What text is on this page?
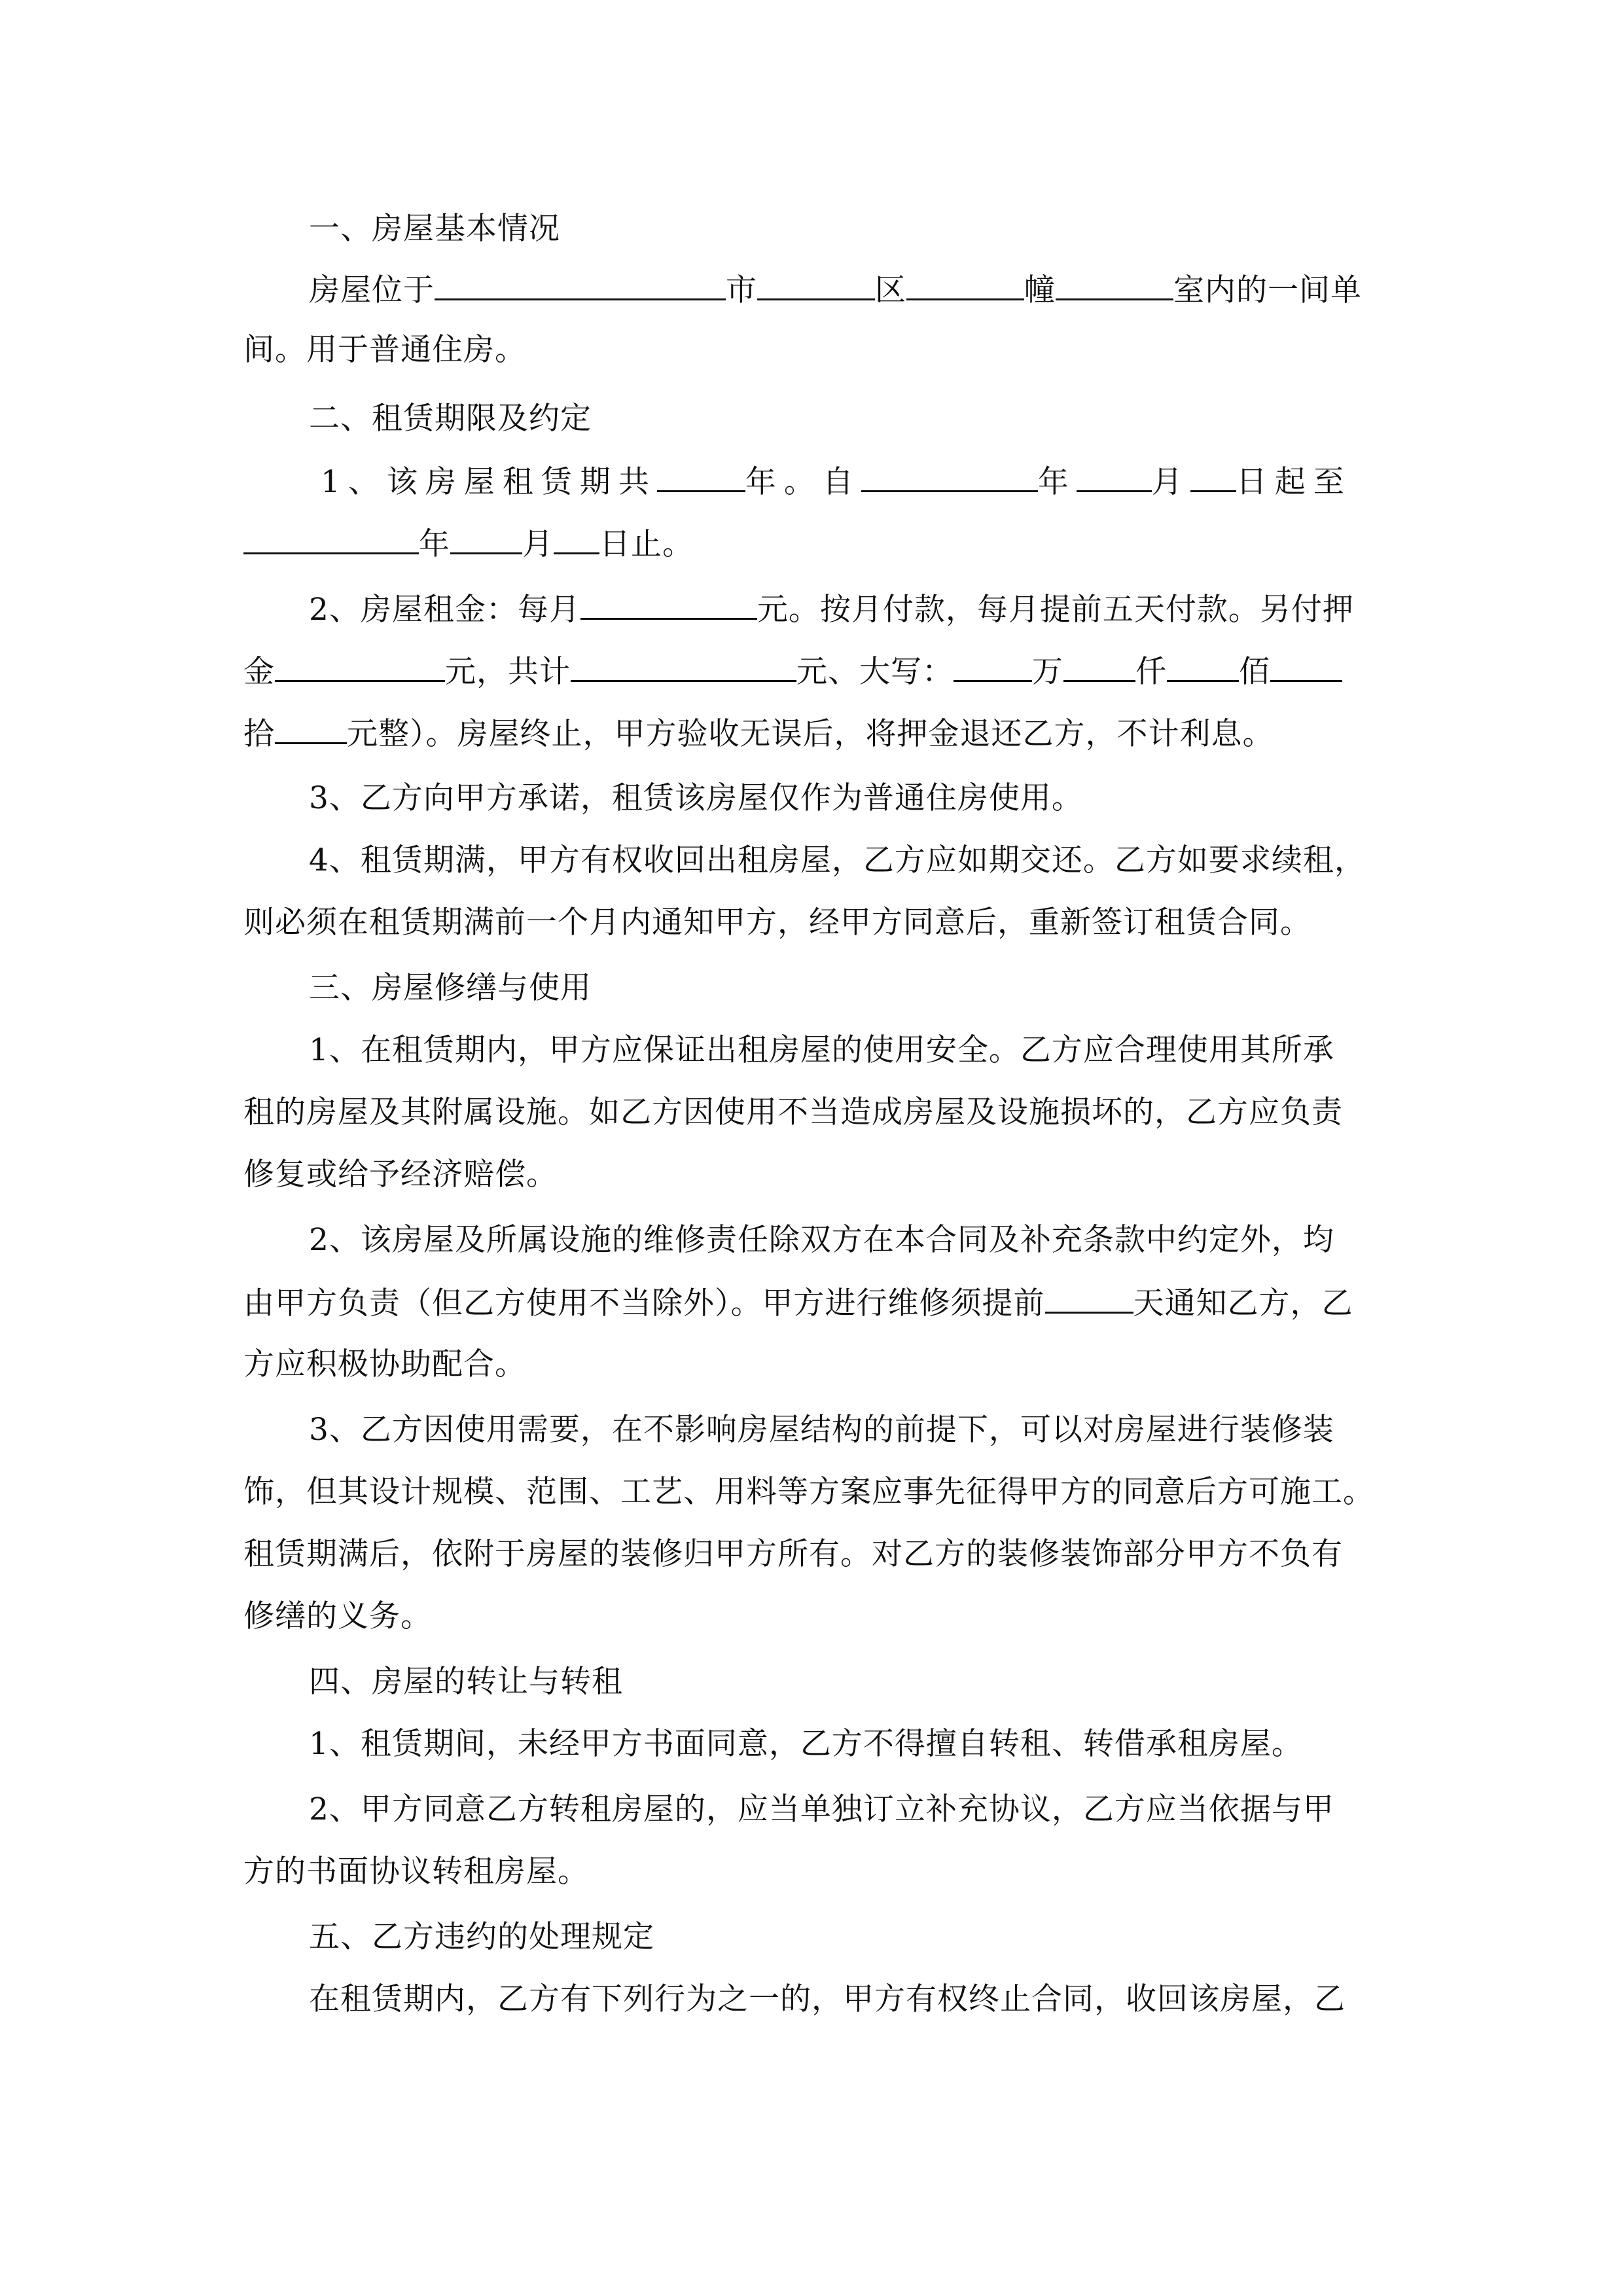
一、房屋基本情况
房屋位于	市	区	幢	室内的一间单
间。用于普通住房。
二、租赁期限及约定
1、该房屋租赁期共	年。自	年 月 日起至
年 月 日止。
2、房屋租金：每月	元。按月付款，每月提前五天付款。另付押
金	元，共计	元、大写：	万 仟 佰
拾 元整）。房屋终止，甲方验收无误后，将押金退还乙方，不计利息。
3、乙方向甲方承诺，租赁该房屋仅作为普通住房使用。
4、租赁期满，甲方有权收回出租房屋，乙方应如期交还。乙方如要求续租，
则必须在租赁期满前一个月内通知甲方，经甲方同意后，重新签订租赁合同。
三、房屋修缮与使用
1、在租赁期内，甲方应保证出租房屋的使用安全。乙方应合理使用其所承
租的房屋及其附属设施。如乙方因使用不当造成房屋及设施损坏的，乙方应负责
修复或给予经济赔偿。
2、该房屋及所属设施的维修责任除双方在本合同及补充条款中约定外，均
由甲方负责（但乙方使用不当除外）。甲方进行维修须提前	天通知乙方，乙
方应积极协助配合。
3、乙方因使用需要，在不影响房屋结构的前提下，可以对房屋进行装修装
饰，但其设计规模、范围、工艺、用料等方案应事先征得甲方的同意后方可施工。
租赁期满后，依附于房屋的装修归甲方所有。对乙方的装修装饰部分甲方不负有
修缮的义务。
四、房屋的转让与转租
1、租赁期间，未经甲方书面同意，乙方不得擅自转租、转借承租房屋。
2、甲方同意乙方转租房屋的，应当单独订立补充协议，乙方应当依据与甲
方的书面协议转租房屋。
五、乙方违约的处理规定
在租赁期内，乙方有下列行为之一的，甲方有权终止合同，收回该房屋，乙
